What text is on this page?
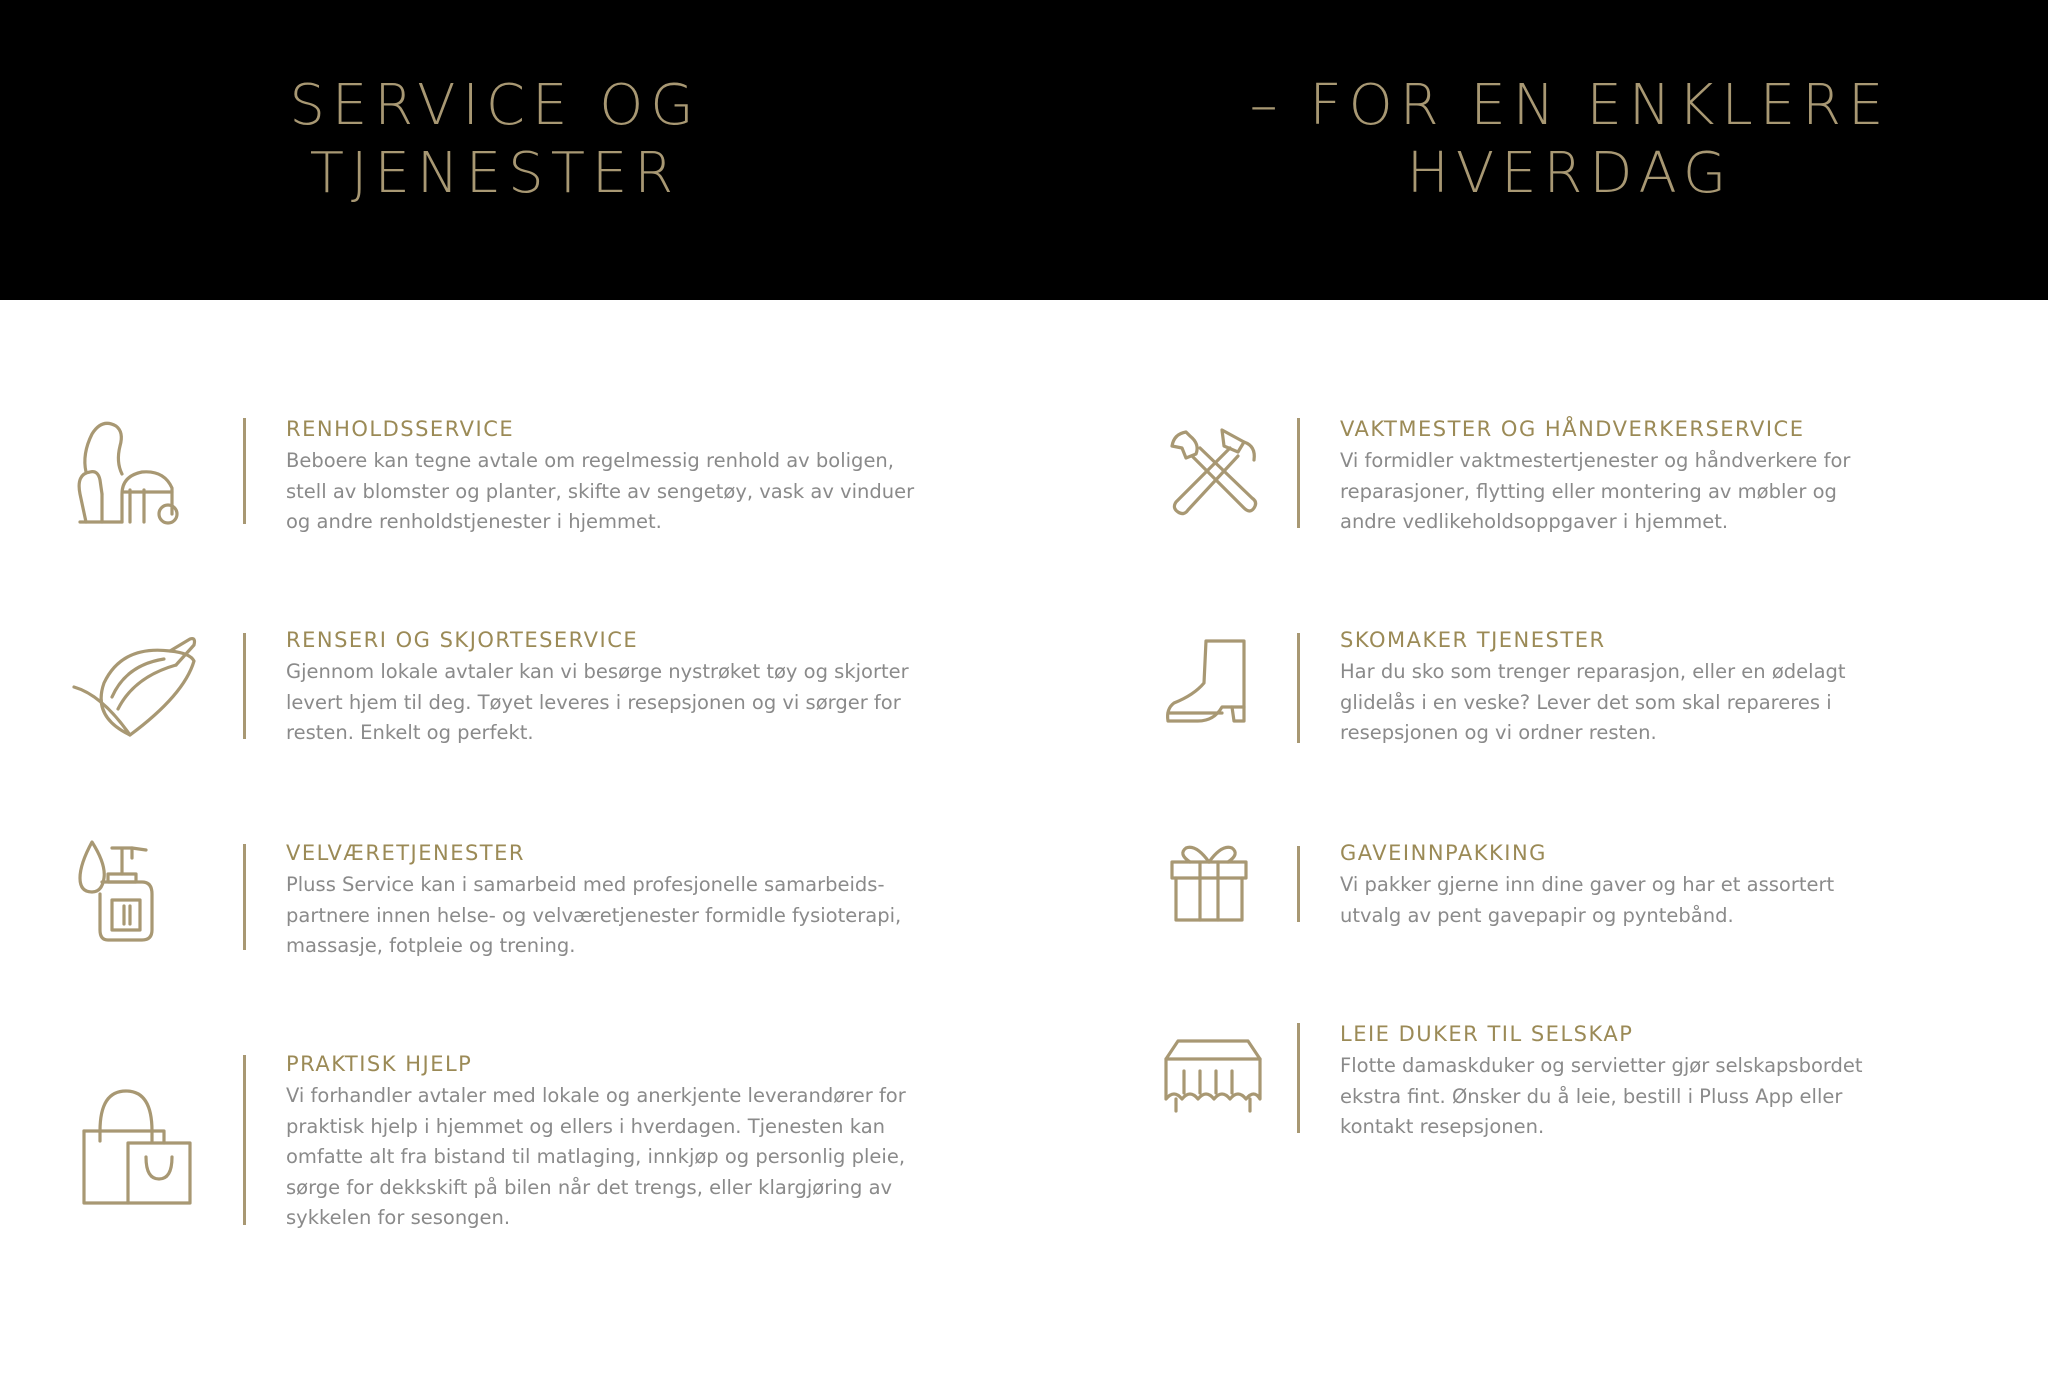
SERVICE OG
TJENESTER
– FOR EN ENKLERE
HVERDAG
RENHOLDSSERVICE

Beboere kan tegne avtale om regelmessig renhold av boligen,
stell av blomster og planter, skifte av sengetøy, vask av vinduer
og andre renholdstjenester i hjemmet.

RENSERI OG SKJORTESERVICE

Gjennom lokale avtaler kan vi besørge nystrøket tøy og skjorter
levert hjem til deg. Tøyet leveres i resepsjonen og vi sørger for
resten. Enkelt og perfekt.

VELVÆRETJENESTER

Pluss Service kan i samarbeid med profesjonelle samarbeids-
partnere innen helse- og velværetjenester formidle fysioterapi,
massasje, fotpleie og trening.

PRAKTISK HJELP

Vi forhandler avtaler med lokale og anerkjente leverandører for
praktisk hjelp i hjemmet og ellers i hverdagen. Tjenesten kan
omfatte alt fra bistand til matlaging, innkjøp og personlig pleie,
sørge for dekkskift på bilen når det trengs, eller klargjøring av
sykkelen for sesongen.

VAKTMESTER OG HÅNDVERKERSERVICE

Vi formidler vaktmestertjenester og håndverkere for
reparasjoner, flytting eller montering av møbler og
andre vedlikeholdsoppgaver i hjemmet.

SKOMAKER TJENESTER

Har du sko som trenger reparasjon, eller en ødelagt
glidelås i en veske? Lever det som skal repareres i
resepsjonen og vi ordner resten.

GAVEINNPAKKING

Vi pakker gjerne inn dine gaver og har et assortert
utvalg av pent gavepapir og pyntebånd.

LEIE DUKER TIL SELSKAP

Flotte damaskduker og servietter gjør selskapsbordet
ekstra fint. Ønsker du å leie, bestill i Pluss App eller
kontakt resepsjonen.
